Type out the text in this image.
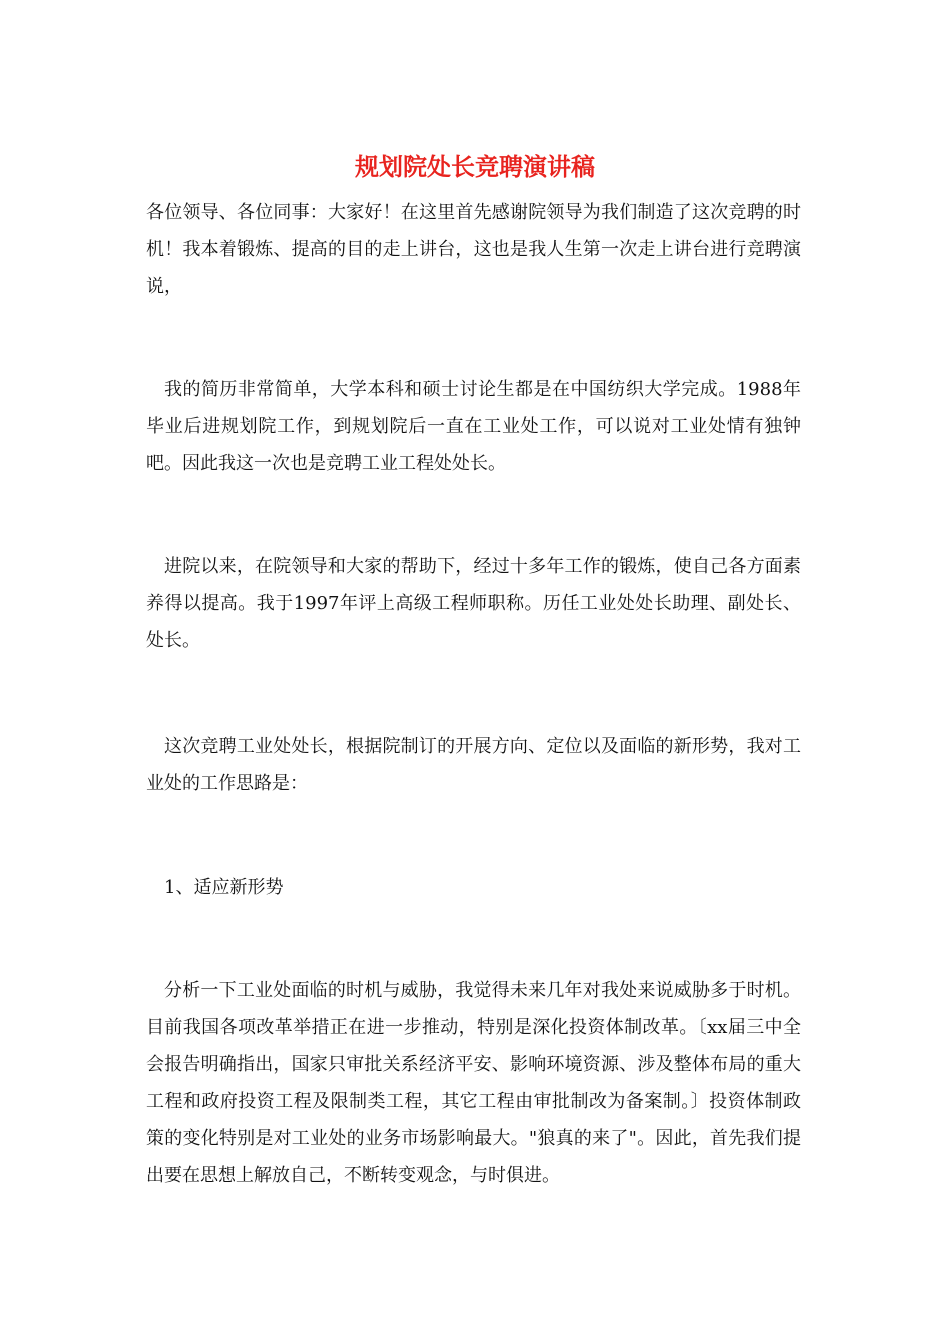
规划院处长竞聘演讲稿

各位领导、各位同事：大家好！在这里首先感谢院领导为我们制造了这次竞聘的时机！我本着锻炼、提高的目的走上讲台，这也是我人生第一次走上讲台进行竞聘演说，

我的简历非常简单，大学本科和硕士讨论生都是在中国纺织大学完成。1988年毕业后进规划院工作，到规划院后一直在工业处工作，可以说对工业处情有独钟吧。因此我这一次也是竞聘工业工程处处长。

进院以来，在院领导和大家的帮助下，经过十多年工作的锻炼，使自己各方面素养得以提高。我于1997年评上高级工程师职称。历任工业处处长助理、副处长、处长。

这次竞聘工业处处长，根据院制订的开展方向、定位以及面临的新形势，我对工业处的工作思路是：

1、适应新形势

分析一下工业处面临的时机与威胁，我觉得未来几年对我处来说威胁多于时机。目前我国各项改革举措正在进一步推动，特别是深化投资体制改革。〔xx届三中全会报告明确指出，国家只审批关系经济平安、影响环境资源、涉及整体布局的重大工程和政府投资工程及限制类工程，其它工程由审批制改为备案制。〕投资体制政策的变化特别是对工业处的业务市场影响最大。"狼真的来了"。因此，首先我们提出要在思想上解放自己，不断转变观念，与时俱进。
